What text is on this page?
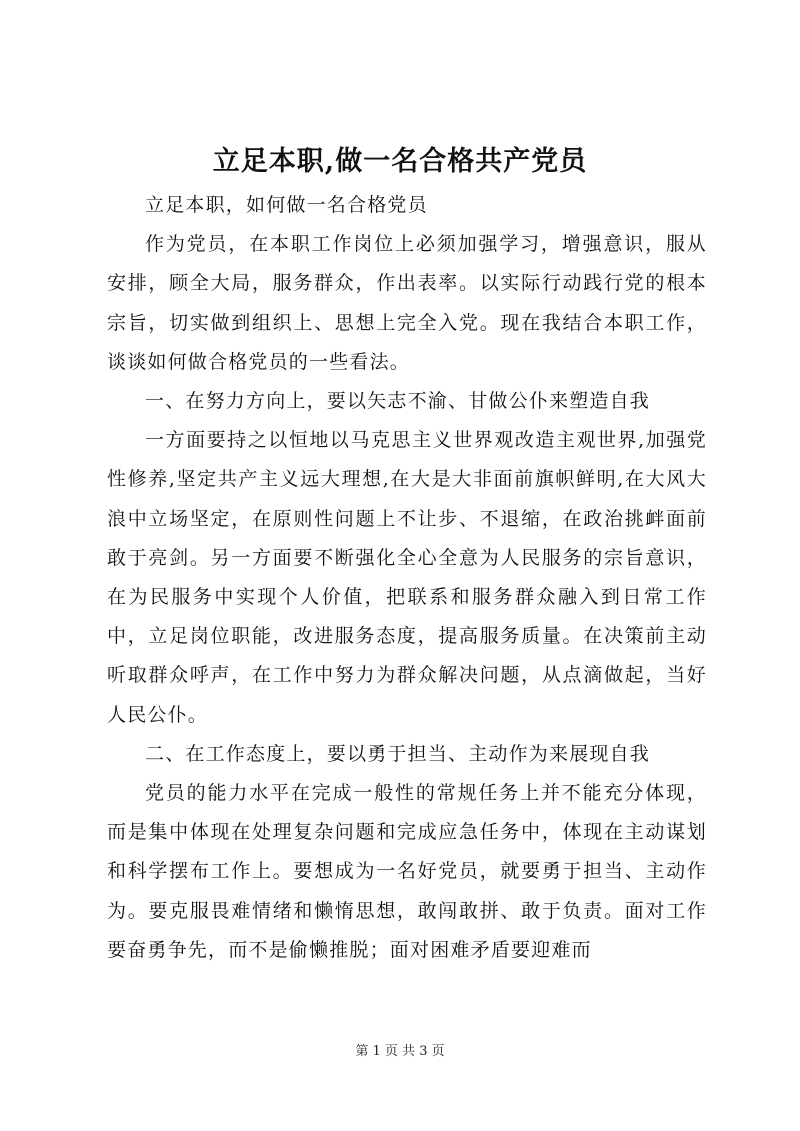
立足本职,做一名合格共产党员

立足本职，如何做一名合格党员

作为党员，在本职工作岗位上必须加强学习，增强意识，服从安排，顾全大局，服务群众，作出表率。以实际行动践行党的根本宗旨，切实做到组织上、思想上完全入党。现在我结合本职工作，谈谈如何做合格党员的一些看法。

一、在努力方向上，要以矢志不渝、甘做公仆来塑造自我

一方面要持之以恒地以马克思主义世界观改造主观世界,加强党性修养,坚定共产主义远大理想,在大是大非面前旗帜鲜明,在大风大浪中立场坚定，在原则性问题上不让步、不退缩，在政治挑衅面前敢于亮剑。另一方面要不断强化全心全意为人民服务的宗旨意识，在为民服务中实现个人价值，把联系和服务群众融入到日常工作中，立足岗位职能，改进服务态度，提高服务质量。在决策前主动听取群众呼声，在工作中努力为群众解决问题，从点滴做起，当好人民公仆。

二、在工作态度上，要以勇于担当、主动作为来展现自我

党员的能力水平在完成一般性的常规任务上并不能充分体现，而是集中体现在处理复杂问题和完成应急任务中，体现在主动谋划和科学摆布工作上。要想成为一名好党员，就要勇于担当、主动作为。要克服畏难情绪和懒惰思想，敢闯敢拼、敢于负责。面对工作要奋勇争先，而不是偷懒推脱；面对困难矛盾要迎难而

第 1 页 共 3 页
